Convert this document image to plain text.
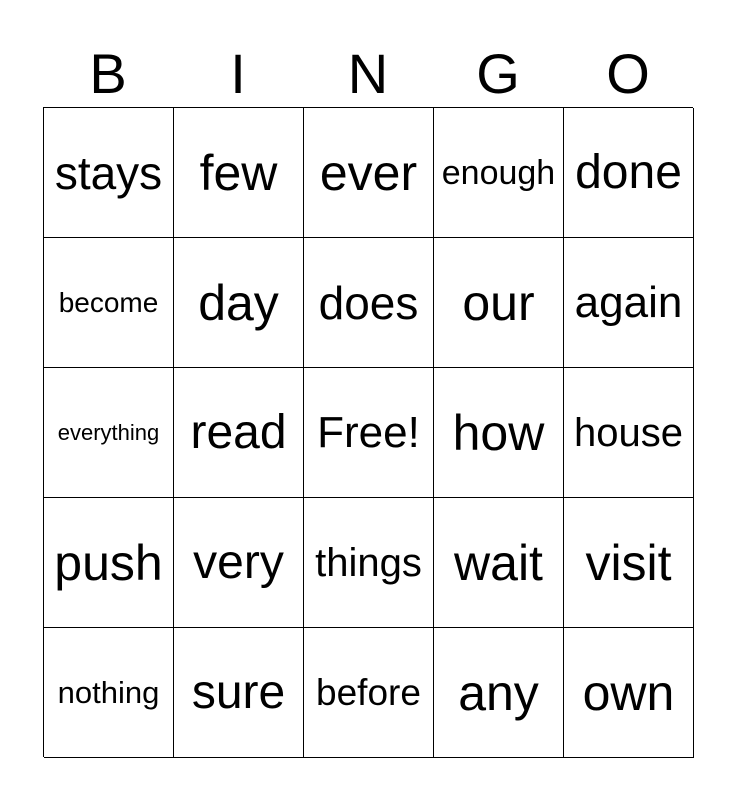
B	I	N	G	O
stays few ever enough done
become day does our again
everything read Free! how house
push very things wait visit
nothing sure before any own
